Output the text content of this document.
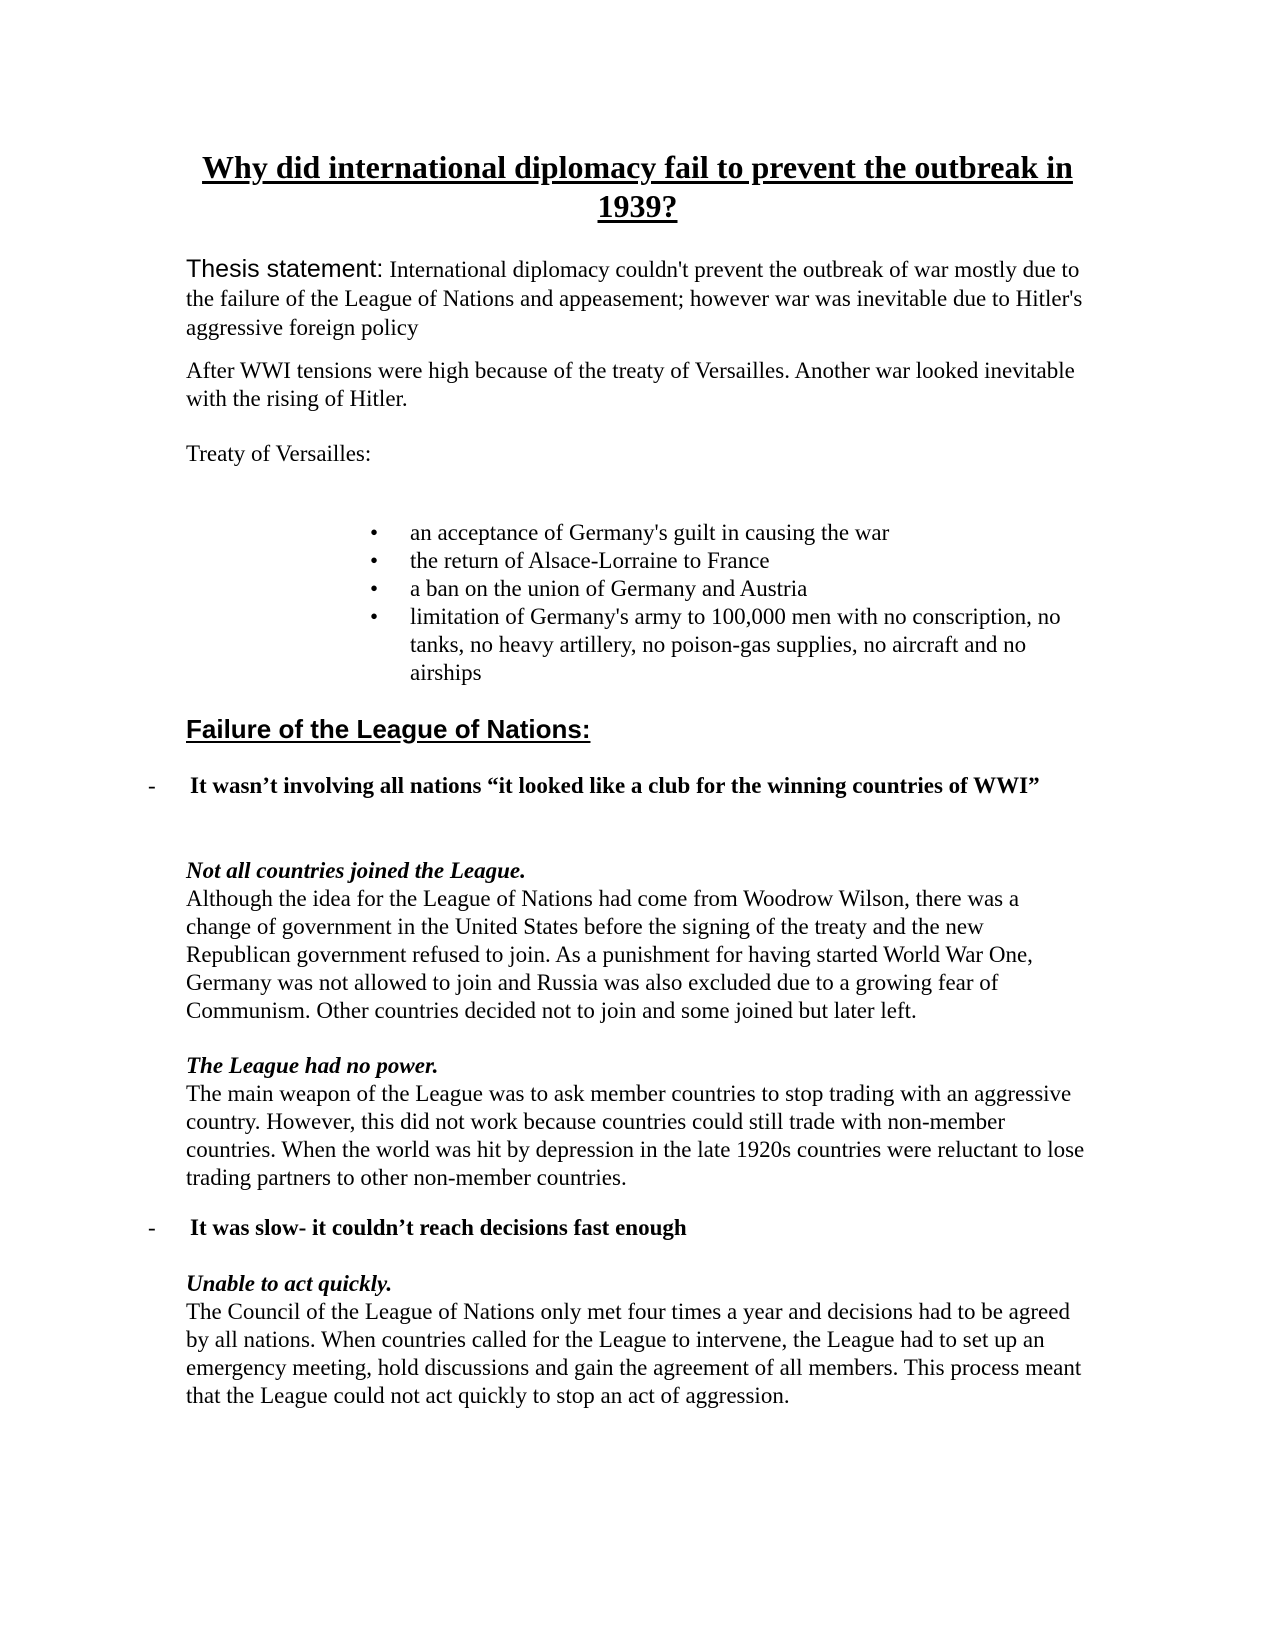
Why did international diplomacy fail to prevent the outbreak in 1939?

Thesis statement: International diplomacy couldn't prevent the outbreak of war mostly due to the failure of the League of Nations and appeasement; however war was inevitable due to Hitler's aggressive foreign policy

After WWI tensions were high because of the treaty of Versailles. Another war looked inevitable with the rising of Hitler.

Treaty of Versailles:

• an acceptance of Germany's guilt in causing the war
• the return of Alsace-Lorraine to France
• a ban on the union of Germany and Austria
• limitation of Germany's army to 100,000 men with no conscription, no tanks, no heavy artillery, no poison-gas supplies, no aircraft and no airships
Failure of the League of Nations:

- It wasn’t involving all nations “it looked like a club for the winning countries of WWI”

Not all countries joined the League.

Although the idea for the League of Nations had come from Woodrow Wilson, there was a change of government in the United States before the signing of the treaty and the new Republican government refused to join. As a punishment for having started World War One, Germany was not allowed to join and Russia was also excluded due to a growing fear of Communism. Other countries decided not to join and some joined but later left.

The League had no power.

The main weapon of the League was to ask member countries to stop trading with an aggressive country. However, this did not work because countries could still trade with non-member countries. When the world was hit by depression in the late 1920s countries were reluctant to lose trading partners to other non-member countries.

- It was slow- it couldn’t reach decisions fast enough

Unable to act quickly.

The Council of the League of Nations only met four times a year and decisions had to be agreed by all nations. When countries called for the League to intervene, the League had to set up an emergency meeting, hold discussions and gain the agreement of all members. This process meant that the League could not act quickly to stop an act of aggression.
